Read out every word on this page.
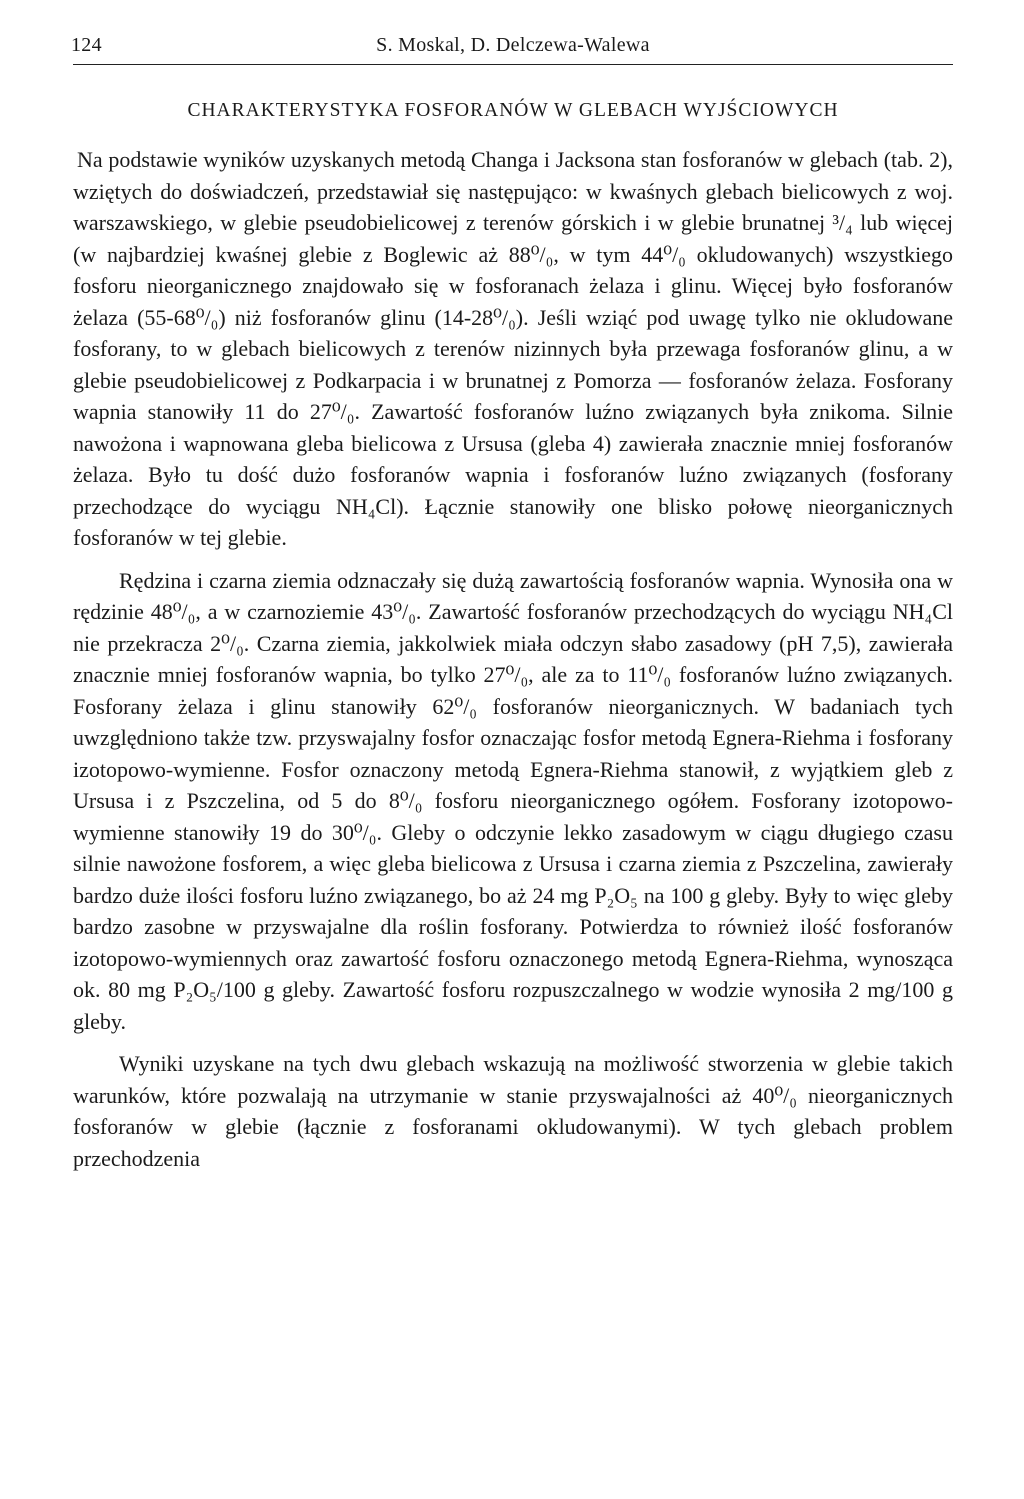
124	S. Moskal, D. Delczewa-Walewa
CHARAKTERYSTYKA FOSFORANÓW W GLEBACH WYJŚCIOWYCH

Na podstawie wyników uzyskanych metodą Changa i Jacksona stan fosforanów w glebach (tab. 2), wziętych do doświadczeń, przedstawiał się następująco: w kwaśnych glebach bielicowych z woj. warszawskiego, w glebie pseudobielicowej z terenów górskich i w glebie brunatnej ³/₄ lub więcej (w najbardziej kwaśnej glebie z Boglewic aż 88⁰/₀, w tym 44⁰/₀ okludowanych) wszystkiego fosforu nieorganicznego znajdowało się w fosforanach żelaza i glinu. Więcej było fosforanów żelaza (55-68⁰/₀) niż fosforanów glinu (14-28⁰/₀). Jeśli wziąć pod uwagę tylko nie okludowane fosforany, to w glebach bielicowych z terenów nizinnych była przewaga fosforanów glinu, a w glebie pseudobielicowej z Podkarpacia i w brunatnej z Pomorza — fosforanów żelaza. Fosforany wapnia stanowiły 11 do 27⁰/₀. Zawartość fosforanów luźno związanych była znikoma. Silnie nawożona i wapnowana gleba bielicowa z Ursusa (gleba 4) zawierała znacznie mniej fosforanów żelaza. Było tu dość dużo fosforanów wapnia i fosforanów luźno związanych (fosforany przechodzące do wyciągu NH₄Cl). Łącznie stanowiły one blisko połowę nieorganicznych fosforanów w tej glebie.

Rędzina i czarna ziemia odznaczały się dużą zawartością fosforanów wapnia. Wynosiła ona w rędzinie 48⁰/₀, a w czarnoziemie 43⁰/₀. Zawartość fosforanów przechodzących do wyciągu NH₄Cl nie przekracza 2⁰/₀. Czarna ziemia, jakkolwiek miała odczyn słabo zasadowy (pH 7,5), zawierała znacznie mniej fosforanów wapnia, bo tylko 27⁰/₀, ale za to 11⁰/₀ fosforanów luźno związanych. Fosforany żelaza i glinu stanowiły 62⁰/₀ fosforanów nieorganicznych. W badaniach tych uwzględniono także tzw. przyswajalny fosfor oznaczając fosfor metodą Egnera-Riehma i fosforany izotopowo-wymienne. Fosfor oznaczony metodą Egnera-Riehma stanowił, z wyjątkiem gleb z Ursusa i z Pszczelina, od 5 do 8⁰/₀ fosforu nieorganicznego ogółem. Fosforany izotopowo-wymienne stanowiły 19 do 30⁰/₀. Gleby o odczynie lekko zasadowym w ciągu długiego czasu silnie nawożone fosforem, a więc gleba bielicowa z Ursusa i czarna ziemia z Pszczelina, zawierały bardzo duże ilości fosforu luźno związanego, bo aż 24 mg P₂O₅ na 100 g gleby. Były to więc gleby bardzo zasobne w przyswajalne dla roślin fosforany. Potwierdza to również ilość fosforanów izotopowo-wymiennych oraz zawartość fosforu oznaczonego metodą Egnera-Riehma, wynosząca ok. 80 mg P₂O₅/100 g gleby. Zawartość fosforu rozpuszczalnego w wodzie wynosiła 2 mg/100 g gleby.

Wyniki uzyskane na tych dwu glebach wskazują na możliwość stworzenia w glebie takich warunków, które pozwalają na utrzymanie w stanie przyswajalności aż 40⁰/₀ nieorganicznych fosforanów w glebie (łącznie z fosforanami okludowanymi). W tych glebach problem przechodzenia
